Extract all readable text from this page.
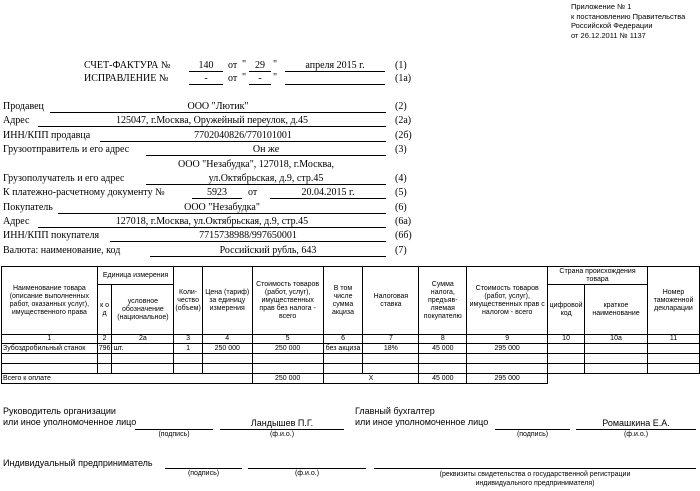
Приложение № 1
к постановлению Правительства
Российской Федерации
от 26.12.2011 № 1137
СЧЕТ-ФАКТУРА №	140	от " 29 "	апреля 2015 г.	(1)
ИСПРАВЛЕНИЕ №	-	от "	-	"	(1а)
Продавец	ООО "Лютик"	(2)
Адрес	125047, г.Москва, Оружейный переулок, д.45	(2а)
ИНН/КПП продавца	7702040826/770101001	(2б)
Грузоотправитель и его адрес	Он же	(3)
ООО "Незабудка", 127018, г.Москва,
Грузополучатель и его адрес	ул.Октябрьская, д.9, стр.45	(4)
К платежно-расчетному документу №	5923	от	20.04.2015 г.	(5)
Покупатель	ООО "Незабудка"	(6)
Адрес	127018, г.Москва, ул.Октябрьская, д.9, стр.45	(6а)
ИНН/КПП покупателя	7715738988/997650001	(6б)
Валюта: наименование, код	Российский рубль, 643	(7)
Наименование товара (описание выполненных работ, оказанных услуг), имущественного права	Единица измерения		Коли-чество (объем)	Цена (тариф) за единицу измерения	Стоимость товаров (работ, услуг), имущественных прав без налога - всего	В том числе сумма акциза	Налоговая ставка	Сумма налога, предъяв-ляемая покупателю	Стоимость товаров (работ, услуг), имущественных прав с налогом - всего	Страна происхождения товара		Номер таможенной декларации
	к о д	условное обозначение (национальное)								цифровой код	краткое наименование	
1	2	2а	3	4	5	6	7	8	9	10	10а	11
Зубоздробильный станок	796	шт.	1	250 000	250 000	без акциза	18%	45 000	295 000			

Всего к оплате					250 000	X		45 000	295 000			
Руководитель организации
или иное уполномоченное лицо
(подпись)
Ландышев П.Г.
(ф.и.о.)
Главный бухгалтер
или иное уполномоченное лицо
(подпись)
Ромашкина Е.А.
(ф.и.о.)
Индивидуальный предприниматель
(подпись)	(ф.и.о.)	(реквизиты свидетельства о государственной регистрации
индивидуального предпринимателя)
